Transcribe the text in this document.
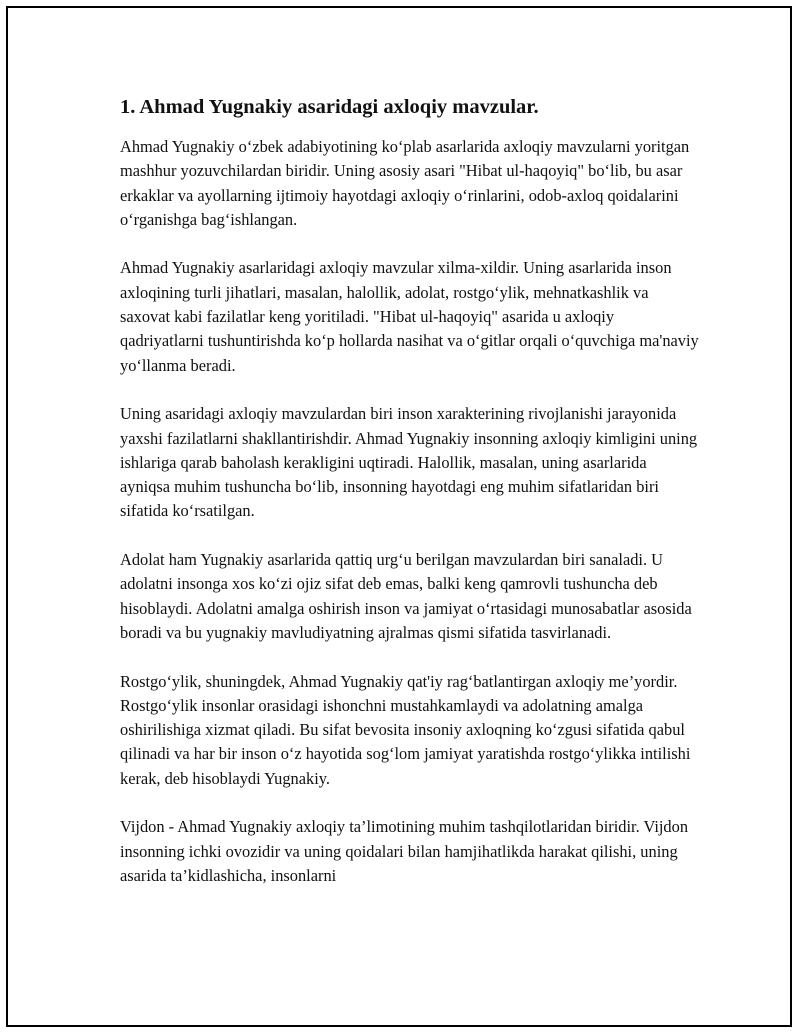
1. Ahmad Yugnakiy asaridagi axloqiy mavzular.

Ahmad Yugnakiy o‘zbek adabiyotining ko‘plab asarlarida axloqiy mavzularni yoritgan mashhur yozuvchilardan biridir. Uning asosiy asari "Hibat ul-haqoyiq" bo‘lib, bu asar erkaklar va ayollarning ijtimoiy hayotdagi axloqiy o‘rinlarini, odob-axloq qoidalarini o‘rganishga bag‘ishlangan.

Ahmad Yugnakiy asarlaridagi axloqiy mavzular xilma-xildir. Uning asarlarida inson axloqining turli jihatlari, masalan, halollik, adolat, rostgo‘ylik, mehnatkashlik va saxovat kabi fazilatlar keng yoritiladi. "Hibat ul-haqoyiq" asarida u axloqiy qadriyatlarni tushuntirishda ko‘p hollarda nasihat va o‘gitlar orqali o‘quvchiga ma'naviy yo‘llanma beradi.

Uning asaridagi axloqiy mavzulardan biri inson xarakterining rivojlanishi jarayonida yaxshi fazilatlarni shakllantirishdir. Ahmad Yugnakiy insonning axloqiy kimligini uning ishlariga qarab baholash kerakligini uqtiradi. Halollik, masalan, uning asarlarida ayniqsa muhim tushuncha bo‘lib, insonning hayotdagi eng muhim sifatlaridan biri sifatida ko‘rsatilgan.

Adolat ham Yugnakiy asarlarida qattiq urg‘u berilgan mavzulardan biri sanaladi. U adolatni insonga xos ko‘zi ojiz sifat deb emas, balki keng qamrovli tushuncha deb hisoblaydi. Adolatni amalga oshirish inson va jamiyat o‘rtasidagi munosabatlar asosida boradi va bu yugnakiy mavludiyatning ajralmas qismi sifatida tasvirlanadi.

Rostgo‘ylik, shuningdek, Ahmad Yugnakiy qat'iy rag‘batlantirgan axloqiy me’yordir. Rostgo‘ylik insonlar orasidagi ishonchni mustahkamlaydi va adolatning amalga oshirilishiga xizmat qiladi. Bu sifat bevosita insoniy axloqning ko‘zgusi sifatida qabul qilinadi va har bir inson o‘z hayotida sog‘lom jamiyat yaratishda rostgo‘ylikka intilishi kerak, deb hisoblaydi Yugnakiy.

Vijdon - Ahmad Yugnakiy axloqiy ta’limotining muhim tashqilotlaridan biridir. Vijdon insonning ichki ovozidir va uning qoidalari bilan hamjihatlikda harakat qilishi, uning asarida ta’kidlashicha, insonlarni
